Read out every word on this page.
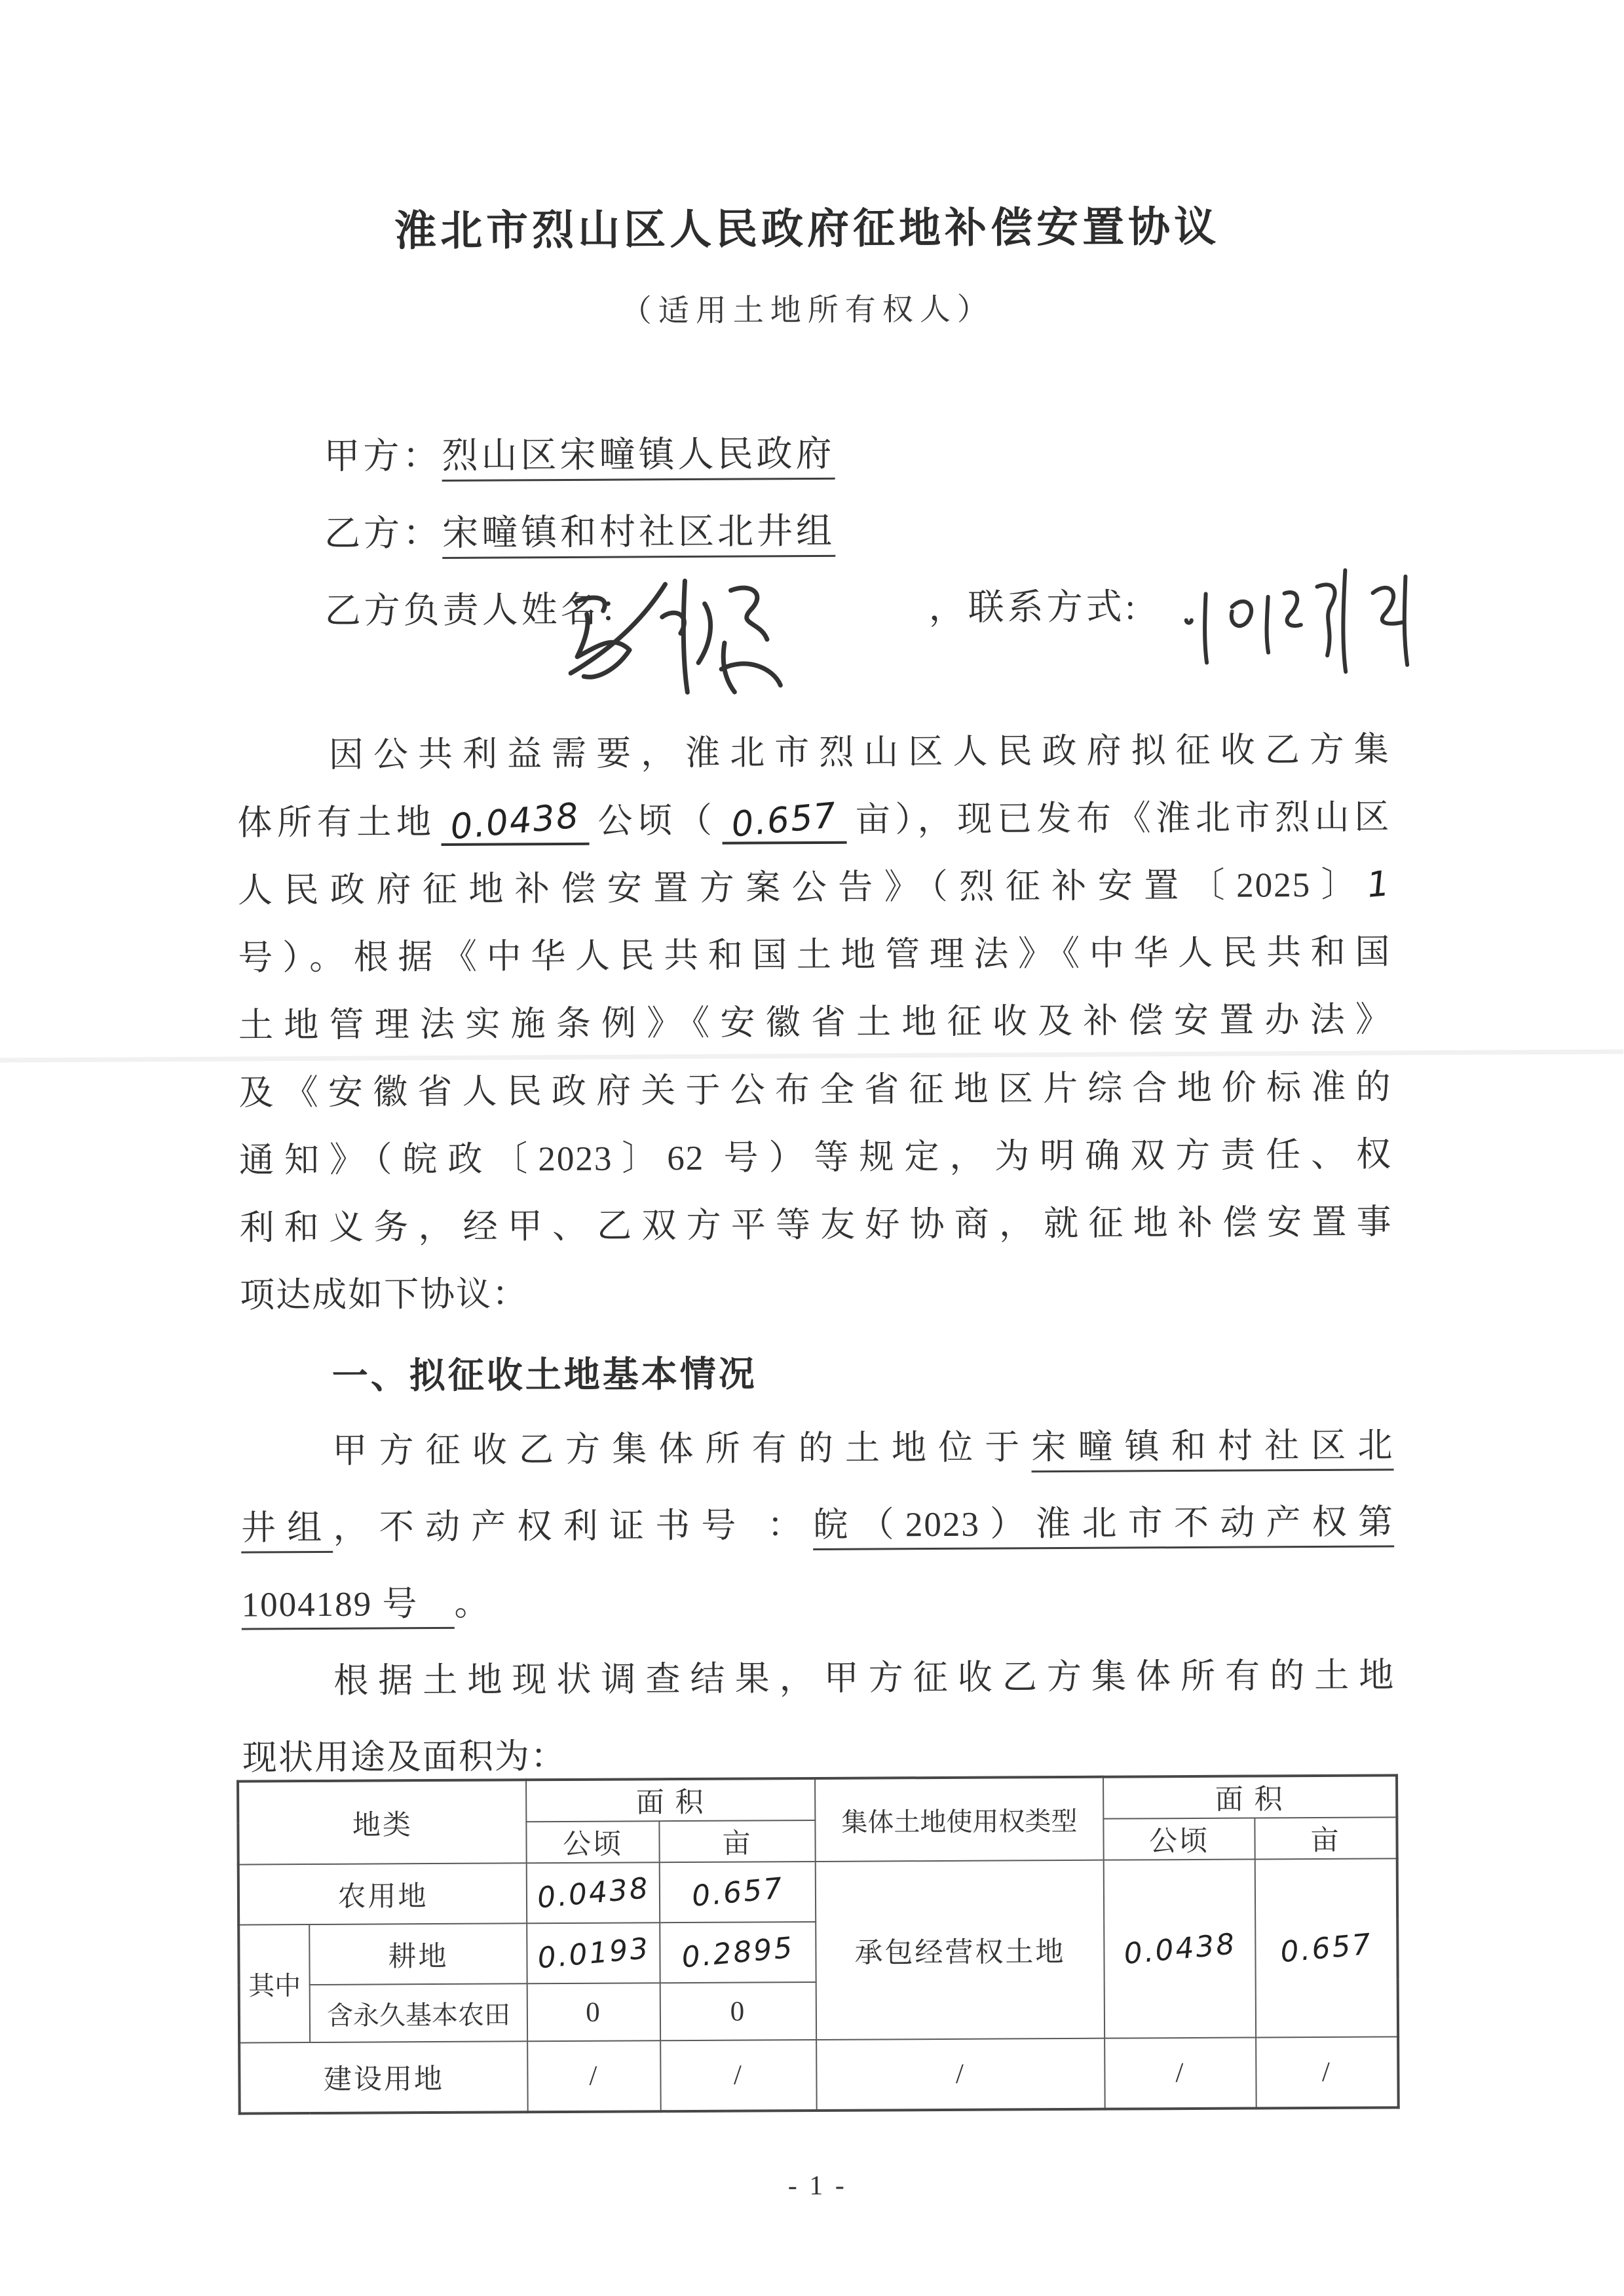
淮北市烈山区人民政府征地补偿安置协议
（适用土地所有权人）
甲方：烈山区宋疃镇人民政府
乙方：宋疃镇和村社区北井组
乙方负责人姓名：	，联系方式:
因公共利益需要，淮北市烈山区人民政府拟征收乙方集
体所有土地 0.0438 公顷（ 0.657 亩），现已发布《淮北市烈山区
人民政府征地补偿安置方案公告》（烈征补安置〔2025〕1
号）。根据《中华人民共和国土地管理法》《中华人民共和国
土地管理法实施条例》《安徽省土地征收及补偿安置办法》
及《安徽省人民政府关于公布全省征地区片综合地价标准的
通知》（皖政〔2023〕62 号）等规定，为明确双方责任、权
利和义务，经甲、乙双方平等友好协商，就征地补偿安置事
项达成如下协议：
一、拟征收土地基本情况
甲方征收乙方集体所有的土地位于宋疃镇和村社区北
井组，不动产权利证书号 ：皖（2023）淮北市不动产权第
1004189 号 。
根据土地现状调查结果，甲方征收乙方集体所有的土地
现状用途及面积为：
地类		面 积		集体土地使用权类型	面 积	
		公顷	亩		公顷	亩
农用地		0.0438	0.657	承包经营权土地	0.0438	0.657
其中	耕地	0.0193	0.2895			
	含永久基本农田	0	0			
建设用地		/	/	/	/	/
- 1 -
